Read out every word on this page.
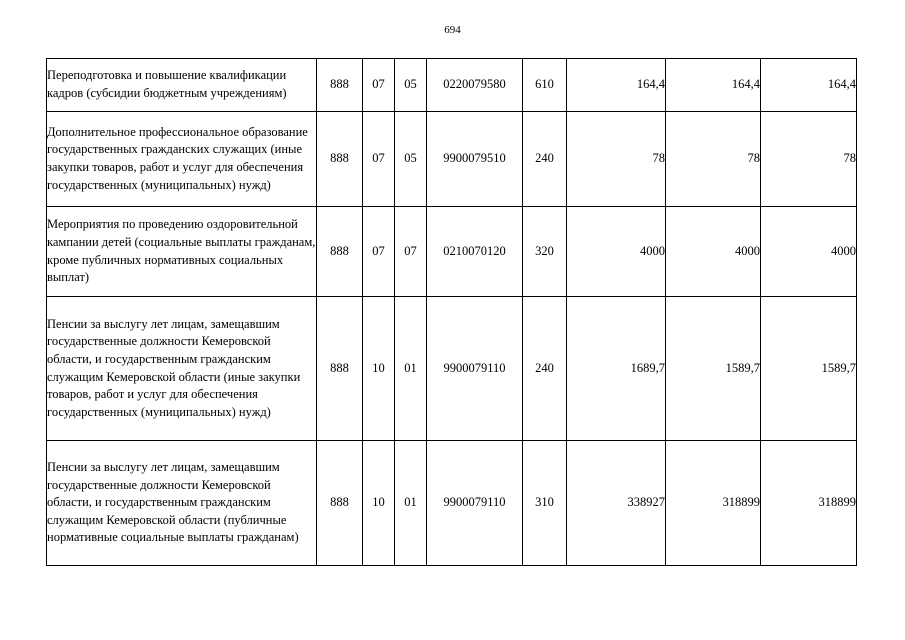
694
Переподготовка и повышение квалификации кадров (субсидии бюджетным учреждениям)	888	07	05	0220079580	610	164,4	164,4	164,4
Дополнительное профессиональное образование государственных гражданских служащих (иные закупки товаров, работ и услуг для обеспечения государственных (муниципальных) нужд)	888	07	05	9900079510	240	78	78	78
Мероприятия по проведению оздоровительной кампании детей (социальные выплаты гражданам, кроме публичных нормативных социальных выплат)	888	07	07	0210070120	320	4000	4000	4000
Пенсии за выслугу лет лицам, замещавшим государственные должности Кемеровской области, и государственным гражданским служащим Кемеровской области (иные закупки товаров, работ и услуг для обеспечения государственных (муниципальных) нужд)	888	10	01	9900079110	240	1689,7	1589,7	1589,7
Пенсии за выслугу лет лицам, замещавшим государственные должности Кемеровской области, и государственным гражданским служащим Кемеровской области (публичные нормативные социальные выплаты гражданам)	888	10	01	9900079110	310	338927	318899	318899
